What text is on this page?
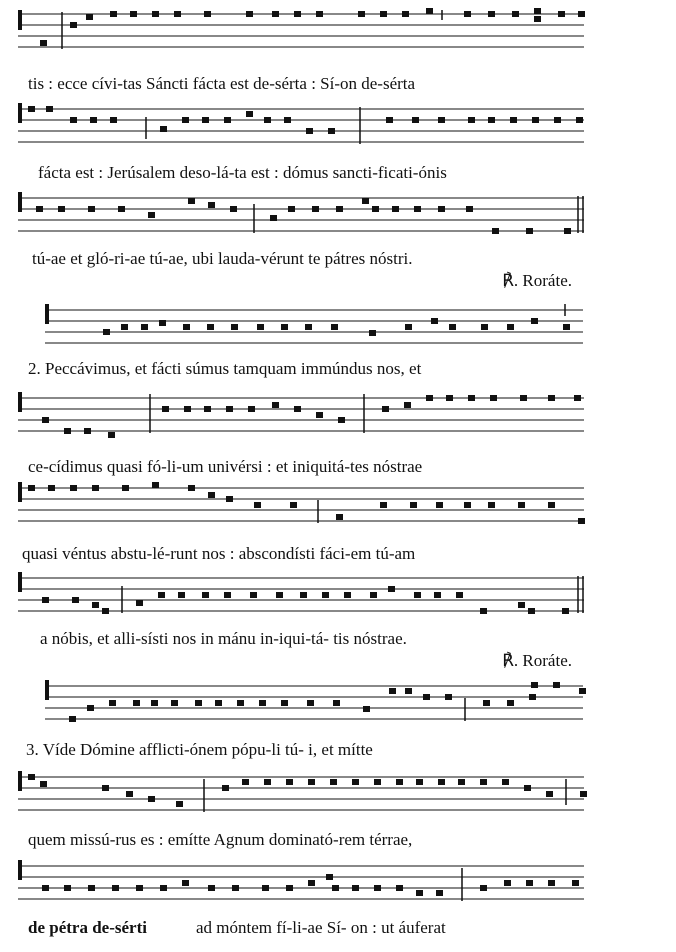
tis : ecce cívi-tas Sáncti fácta est de-sérta : Sí-on de-sérta
fácta est : Jerúsalem deso-lá-ta est : dómus sancti-ficati-ónis
tú-ae et gló-ri-ae tú-ae, ubi lauda-vérunt te pátres nóstri.
℟. Roráte.
2. Peccávimus, et fácti súmus tamquam immúndus nos, et
ce-cídimus quasi fó-li-um univérsi : et iniquitá-tes nóstrae
quasi véntus abstu-lé-runt nos : abscondísti fáci-em tú-am
a nóbis, et alli-sísti nos in mánu in-iqui-tá- tis nóstrae.
℟. Roráte.
3. Víde Dómine afflicti-ónem pópu-li tú- i, et mítte
quem missú-rus es : emítte Agnum dominató-rem térrae,
de pétra de-sérti	ad móntem fí-li-ae Sí- on : ut áuferat
